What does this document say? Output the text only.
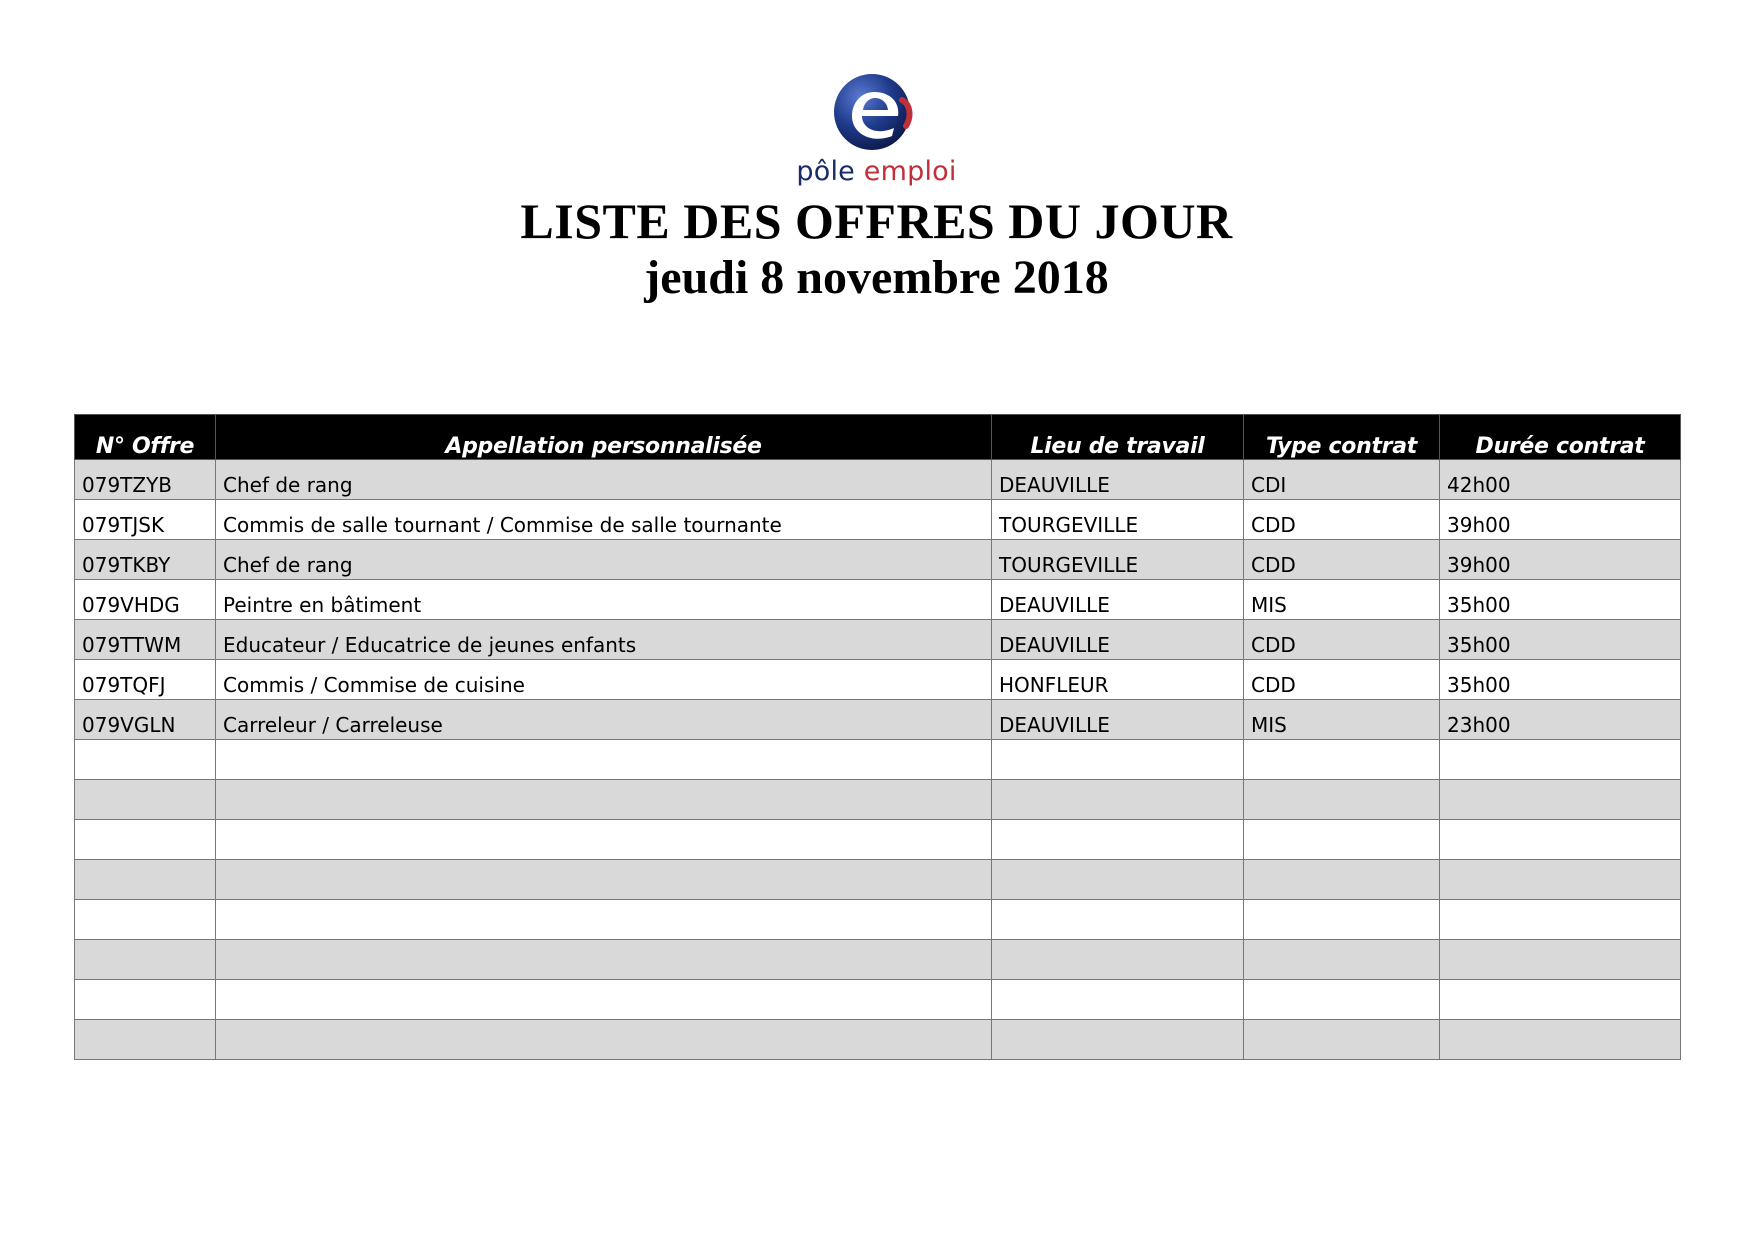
pôle emploi
LISTE DES OFFRES DU JOUR
jeudi 8 novembre 2018
N° Offre	Appellation personnalisée	Lieu de travail	Type contrat	Durée contrat
079TZYB	Chef de rang	DEAUVILLE	CDI	42h00
079TJSK	Commis de salle tournant / Commise de salle tournante	TOURGEVILLE	CDD	39h00
079TKBY	Chef de rang	TOURGEVILLE	CDD	39h00
079VHDG	Peintre en bâtiment	DEAUVILLE	MIS	35h00
079TTWM	Educateur / Educatrice de jeunes enfants	DEAUVILLE	CDD	35h00
079TQFJ	Commis / Commise de cuisine	HONFLEUR	CDD	35h00
079VGLN	Carreleur / Carreleuse	DEAUVILLE	MIS	23h00
